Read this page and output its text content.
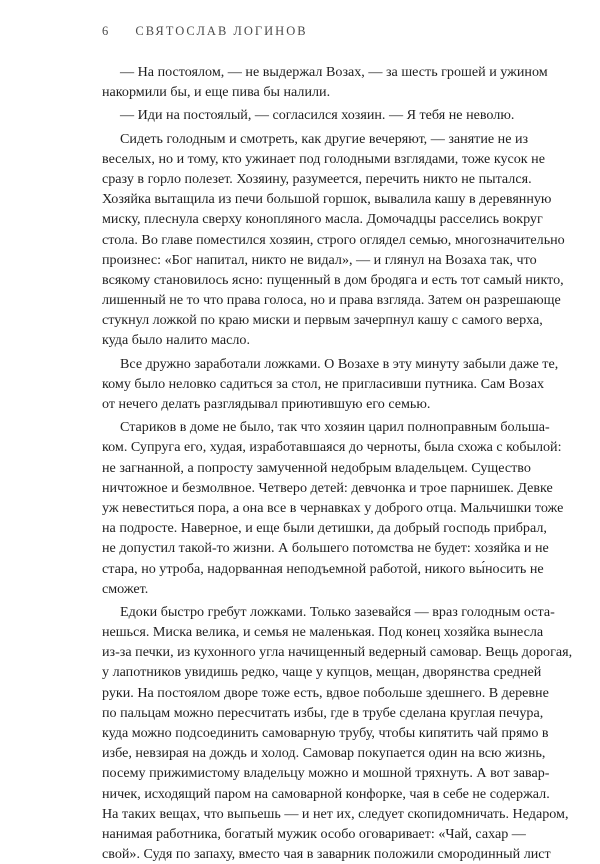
6 СВЯТОСЛАВ ЛОГИНОВ
— На постоялом, — не выдержал Возах, — за шесть грошей и ужином
накормили бы, и еще пива бы налили.
— Иди на постоялый, — согласился хозяин. — Я тебя не неволю.
Сидеть голодным и смотреть, как другие вечеряют, — занятие не из
веселых, но и тому, кто ужинает под голодными взглядами, тоже кусок не
сразу в горло полезет. Хозяину, разумеется, перечить никто не пытался.
Хозяйка вытащила из печи большой горшок, вывалила кашу в деревянную
миску, плеснула сверху конопляного масла. Домочадцы расселись вокруг
стола. Во главе поместился хозяин, строго оглядел семью, многозначительно
произнес: «Бог напитал, никто не видал», — и глянул на Возаха так, что
всякому становилось ясно: пущенный в дом бродяга и есть тот самый никто,
лишенный не то что права голоса, но и права взгляда. Затем он разрешающе
стукнул ложкой по краю миски и первым зачерпнул кашу с самого верха,
куда было налито масло.
Все дружно заработали ложками. О Возахе в эту минуту забыли даже те,
кому было неловко садиться за стол, не пригласивши путника. Сам Возах
от нечего делать разглядывал приютившую его семью.
Стариков в доме не было, так что хозяин царил полноправным больша-
ком. Супруга его, худая, изработавшаяся до черноты, была схожа с кобылой:
не загнанной, а попросту замученной недобрым владельцем. Существо
ничтожное и безмолвное. Четверо детей: девчонка и трое парнишек. Девке
уж невеститься пора, а она все в чернавках у доброго отца. Мальчишки тоже
на подросте. Наверное, и еще были детишки, да добрый господь прибрал,
не допустил такой-то жизни. А большего потомства не будет: хозяйка и не
стара, но утроба, надорванная неподъемной работой, никого вы́носить не
сможет.
Едоки быстро гребут ложками. Только зазевайся — враз голодным оста-
нешься. Миска велика, и семья не маленькая. Под конец хозяйка вынесла
из-за печки, из кухонного угла начищенный ведерный самовар. Вещь дорогая,
у лапотников увидишь редко, чаще у купцов, мещан, дворянства средней
руки. На постоялом дворе тоже есть, вдвое побольше здешнего. В деревне
по пальцам можно пересчитать избы, где в трубе сделана круглая печура,
куда можно подсоединить самоварную трубу, чтобы кипятить чай прямо в
избе, невзирая на дождь и холод. Самовар покупается один на всю жизнь,
посему прижимистому владельцу можно и мошной тряхнуть. А вот завар-
ничек, исходящий паром на самоварной конфорке, чая в себе не содержал.
На таких вещах, что выпьешь — и нет их, следует скопидомничать. Недаром,
нанимая работника, богатый мужик особо оговаривает: «Чай, сахар —
свой». Судя по запаху, вместо чая в заварник положили смородинный лист
